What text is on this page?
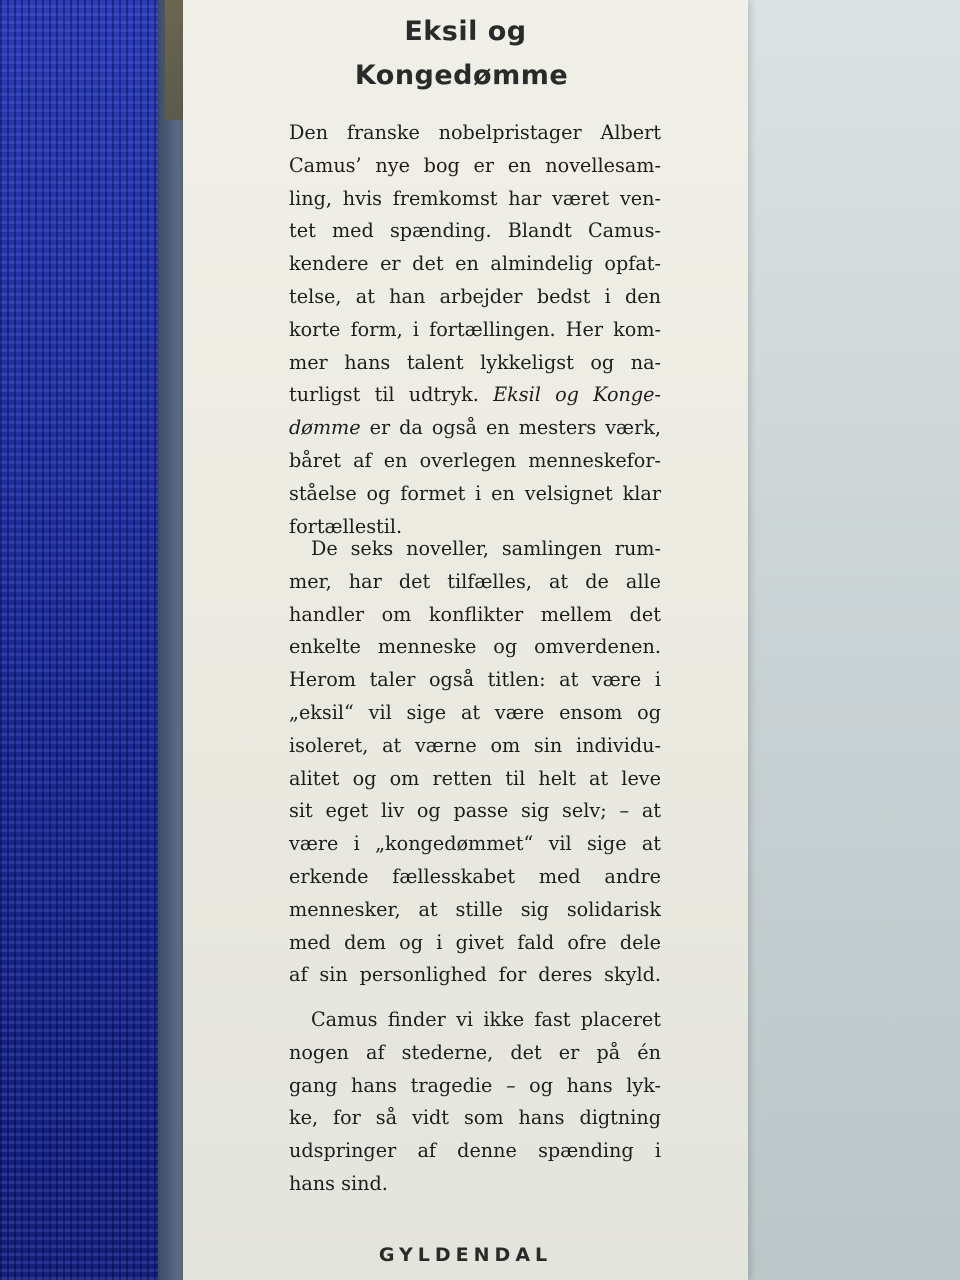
Eksil og
Kongedømme
Den franske nobelpristager Albert
Camus’ nye bog er en novellesam-
ling, hvis fremkomst har været ven-
tet med spænding. Blandt Camus-
kendere er det en almindelig opfat-
telse, at han arbejder bedst i den
korte form, i fortællingen. Her kom-
mer hans talent lykkeligst og na-
turligst til udtryk. Eksil og Konge-
dømme er da også en mesters værk,
båret af en overlegen menneskefor-
ståelse og formet i en velsignet klar
fortællestil.
De seks noveller, samlingen rum-
mer, har det tilfælles, at de alle
handler om konflikter mellem det
enkelte menneske og omverdenen.
Herom taler også titlen: at være i
„eksil“ vil sige at være ensom og
isoleret, at værne om sin individu-
alitet og om retten til helt at leve
sit eget liv og passe sig selv; – at
være i „kongedømmet“ vil sige at
erkende fællesskabet med andre
mennesker, at stille sig solidarisk
med dem og i givet fald ofre dele
af sin personlighed for deres skyld.
Camus finder vi ikke fast placeret
nogen af stederne, det er på én
gang hans tragedie – og hans lyk-
ke, for så vidt som hans digtning
udspringer af denne spænding i
hans sind.
GYLDENDAL
